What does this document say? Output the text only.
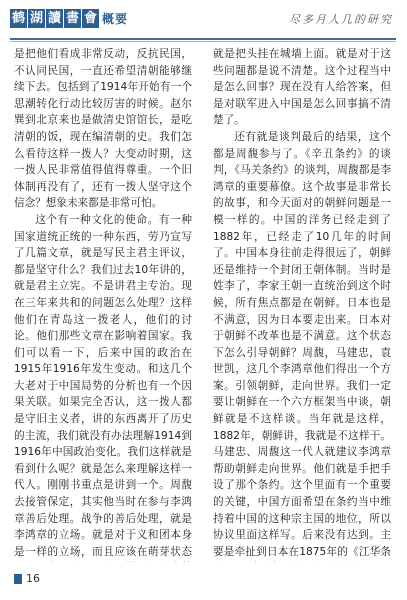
鹤 湖 讀 書 會 概要	尽多月人几的研究

是把他们看成非常反动，反抗民国，不认同民国，一直还希望清朝能够继续下去。包括到了1914年开始有一个思潮转化行动比较厉害的时候。赵尔巽到北京来也是做清史馆馆长，是吃清朝的饭，现在编清朝的史。我们怎么看待这样一拨人？大变动时期，这一拨人民非常值得值得尊重。一个旧体制再没有了，还有一拨人坚守这个信念？想象未来都是非常可怕。

这个有一种文化的使命。有一种国家道统正统的一种东西，劳乃宣写了几篇文章，就是写民主君主评议，都是坚守什么？我们过去10年讲的，就是君主立宪。不是讲君主专治。现在三年来共和的问题怎么处理？这样他们在青岛这一拨老人，他们的讨论。他们那些文章在影响着国家。我们可以看一下，后来中国的政治在1915年1916年发生变动。和这几个大老对于中国局势的分析也有一个因果关联。如果完全否认，这一拨人都是守旧主义者，讲的东西离开了历史的主流，我们就没有办法理解1914到1916年中国政治变化。我们这样就是看到什么呢？就是怎么来理解这样一代人。刚刚书重点是讲到一个。周馥去接管保定，其实他当时在参与李鸿章善后处理。战争的善后处理，就是李鸿章的立场。就是对于义和团本身是一样的立场，而且应该在萌芽状态

就是把头挂在城墙上面。就是对于这些问题都是说不清楚。这个过程当中是怎么回事？现在没有人给答案，但是对联军进入中国是怎么回事搞不清楚了。

还有就是谈判最后的结果，这个都是周馥参与了。《辛丑条约》的谈判，《马关条约》的谈判，周馥都是李鸿章的重要幕僚。这个故事是非常长的故事，和今天面对的朝鲜问题是一模一样的。中国的洋务已经走到了1882年，已经走了10几年的时间了。中国本身往前走得很远了，朝鲜还是维持一个封闭王朝体制。当时是姓李了，李家王朝一直统治到这个时候，所有焦点都是在朝鲜。日本也是不满意，因为日本要走出来。日本对于朝鲜不改革也是不满意。这个状态下怎么引导朝鲜？周馥，马建忠，袁世凯，这几个李鸿章他们得出一个方案。引领朝鲜，走向世界。我们一定要让朝鲜在一个六方框架当中谈，朝鲜就是不这样谈。当年就是这样，1882年，朝鲜讲，我就是不这样干。马建忠、周馥这一代人就建议李鸿章帮助朝鲜走向世界。他们就是手把手设了那个条约。这个里面有一个重要的关键，中国方面希望在条约当中维持着中国的这种宗主国的地位，所以协议里面这样写。后来没有达到。主要是牵扯到日本在1875年的《江华条

16
